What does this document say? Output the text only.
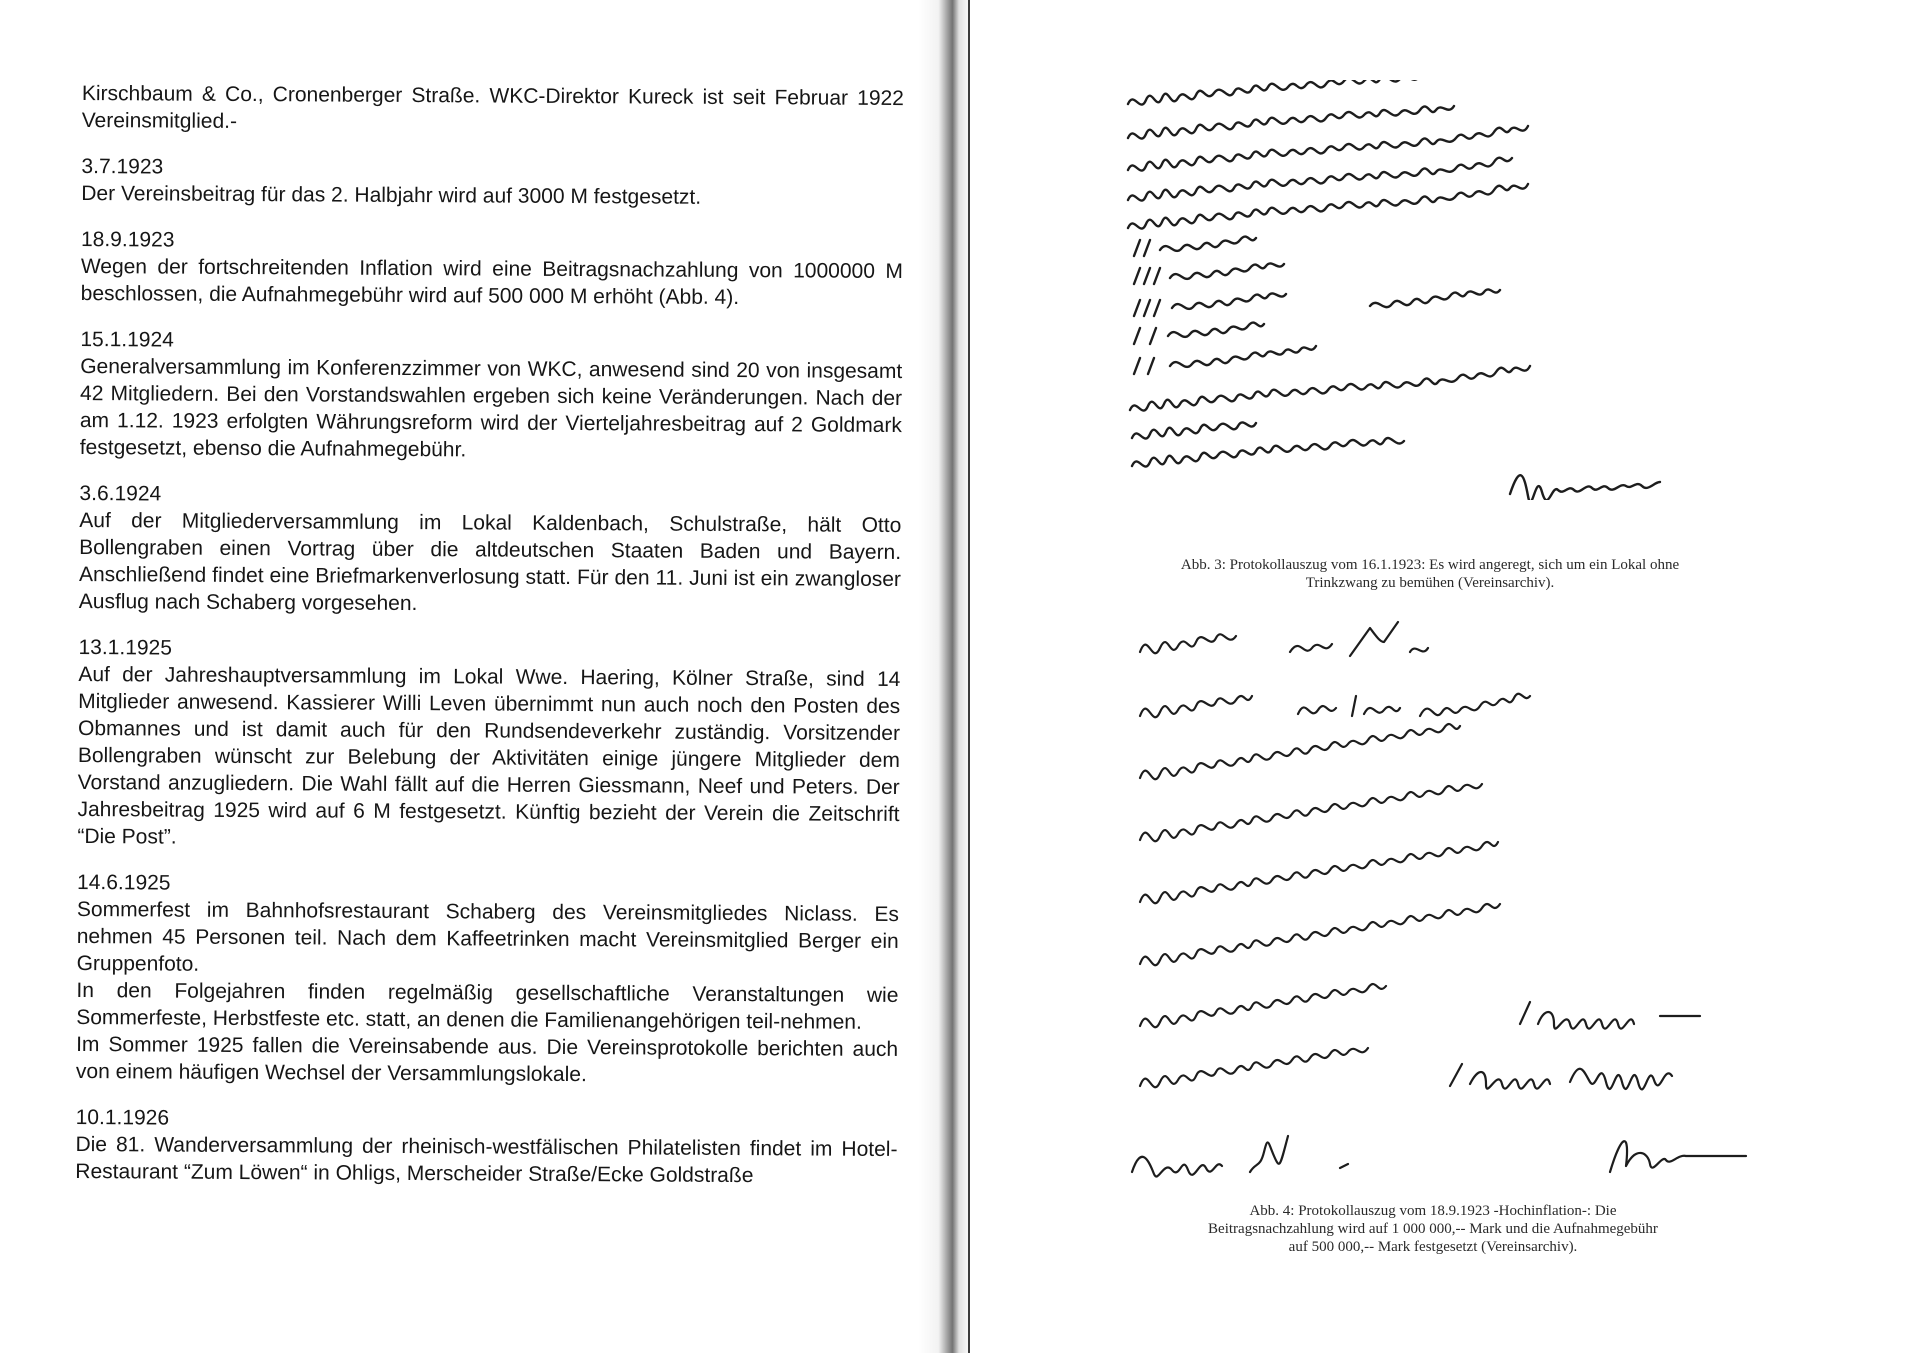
Kirschbaum & Co., Cronenberger Straße. WKC-Direktor Kureck ist seit Februar 1922 Vereinsmitglied.-
3.7.1923
Der Vereinsbeitrag für das 2. Halbjahr wird auf 3000 M festgesetzt.
18.9.1923
Wegen der fortschreitenden Inflation wird eine Beitragsnachzahlung von 1000000 M beschlossen, die Aufnahmegebühr wird auf 500 000 M erhöht (Abb. 4).
15.1.1924
Generalversammlung im Konferenzzimmer von WKC, anwesend sind 20 von insgesamt 42 Mitgliedern. Bei den Vorstandswahlen ergeben sich keine Veränderungen. Nach der am 1.12. 1923 erfolgten Währungsreform wird der Vierteljahresbeitrag auf 2 Goldmark festgesetzt, ebenso die Aufnahmegebühr.
3.6.1924
Auf der Mitgliederversammlung im Lokal Kaldenbach, Schulstraße, hält Otto Bollengraben einen Vortrag über die altdeutschen Staaten Baden und Bayern. Anschließend findet eine Briefmarkenverlosung statt. Für den 11. Juni ist ein zwangloser Ausflug nach Schaberg vorgesehen.
13.1.1925
Auf der Jahreshauptversammlung im Lokal Wwe. Haering, Kölner Straße, sind 14 Mitglieder anwesend. Kassierer Willi Leven übernimmt nun auch noch den Posten des Obmannes und ist damit auch für den Rundsendeverkehr zuständig. Vorsitzender Bollengraben wünscht zur Belebung der Aktivitäten einige jüngere Mitglieder dem Vorstand anzugliedern. Die Wahl fällt auf die Herren Giessmann, Neef und Peters. Der Jahresbeitrag 1925 wird auf 6 M festgesetzt. Künftig bezieht der Verein die Zeitschrift “Die Post”.
14.6.1925
Sommerfest im Bahnhofsrestaurant Schaberg des Vereinsmitgliedes Niclass. Es nehmen 45 Personen teil. Nach dem Kaffeetrinken macht Vereinsmitglied Berger ein Gruppenfoto.
In den Folgejahren finden regelmäßig gesellschaftliche Veranstaltungen wie Sommerfeste, Herbstfeste etc. statt, an denen die Familienangehörigen teil-nehmen.
Im Sommer 1925 fallen die Vereinsabende aus. Die Vereinsprotokolle berichten auch von einem häufigen Wechsel der Versammlungslokale.
10.1.1926
Die 81. Wanderversammlung der rheinisch-westfälischen Philatelisten findet im Hotel-Restaurant “Zum Löwen“ in Ohligs, Merscheider Straße/Ecke Goldstraße
Abb. 3: Protokollauszug vom 16.1.1923: Es wird angeregt, sich um ein Lokal ohne Trinkzwang zu bemühen (Vereinsarchiv).
Abb. 4: Protokollauszug vom 18.9.1923 -Hochinflation-: Die Beitragsnachzahlung wird auf 1 000 000,-- Mark und die Aufnahmegebühr auf 500 000,-- Mark festgesetzt (Vereinsarchiv).
